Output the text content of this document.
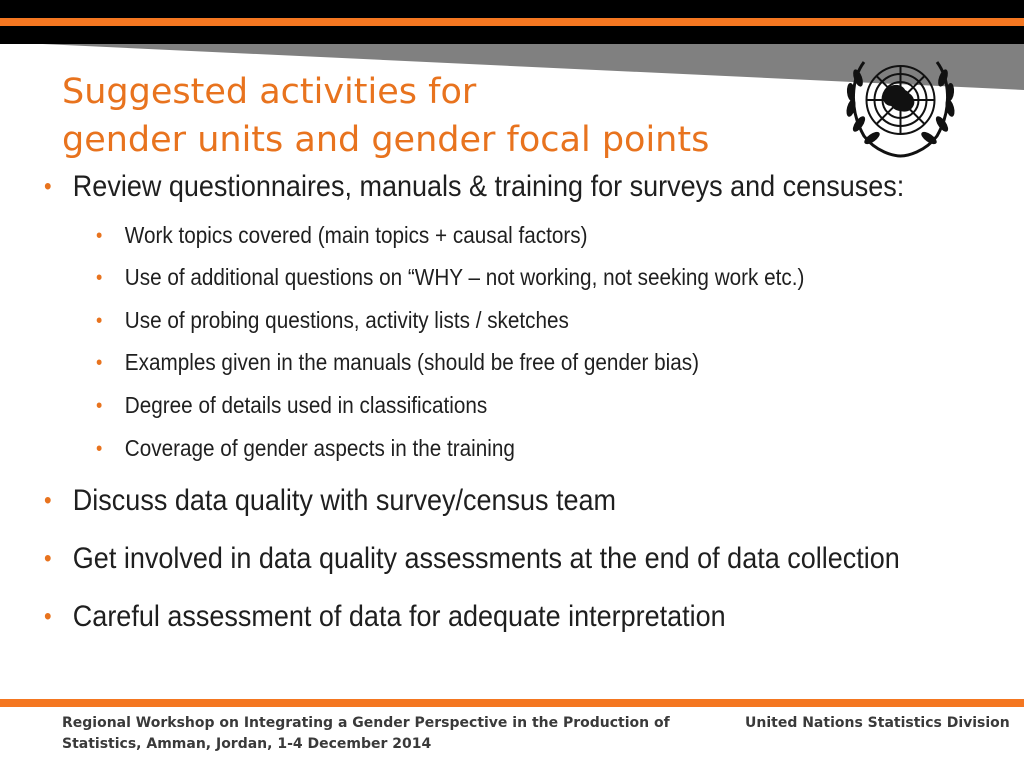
Suggested activities for
gender units and gender focal points
• Review questionnaires, manuals & training for surveys and censuses:
• Work topics covered (main topics + causal factors)
• Use of additional questions on “WHY – not working, not seeking work etc.)
• Use of probing questions, activity lists / sketches
• Examples given in the manuals (should be free of gender bias)
• Degree of details used in classifications
• Coverage of gender aspects in the training
• Discuss data quality with survey/census team
• Get involved in data quality assessments at the end of data collection
• Careful assessment of data for adequate interpretation
Regional Workshop on Integrating a Gender Perspective in the Production of
Statistics, Amman, Jordan, 1-4 December 2014
United Nations Statistics Division
